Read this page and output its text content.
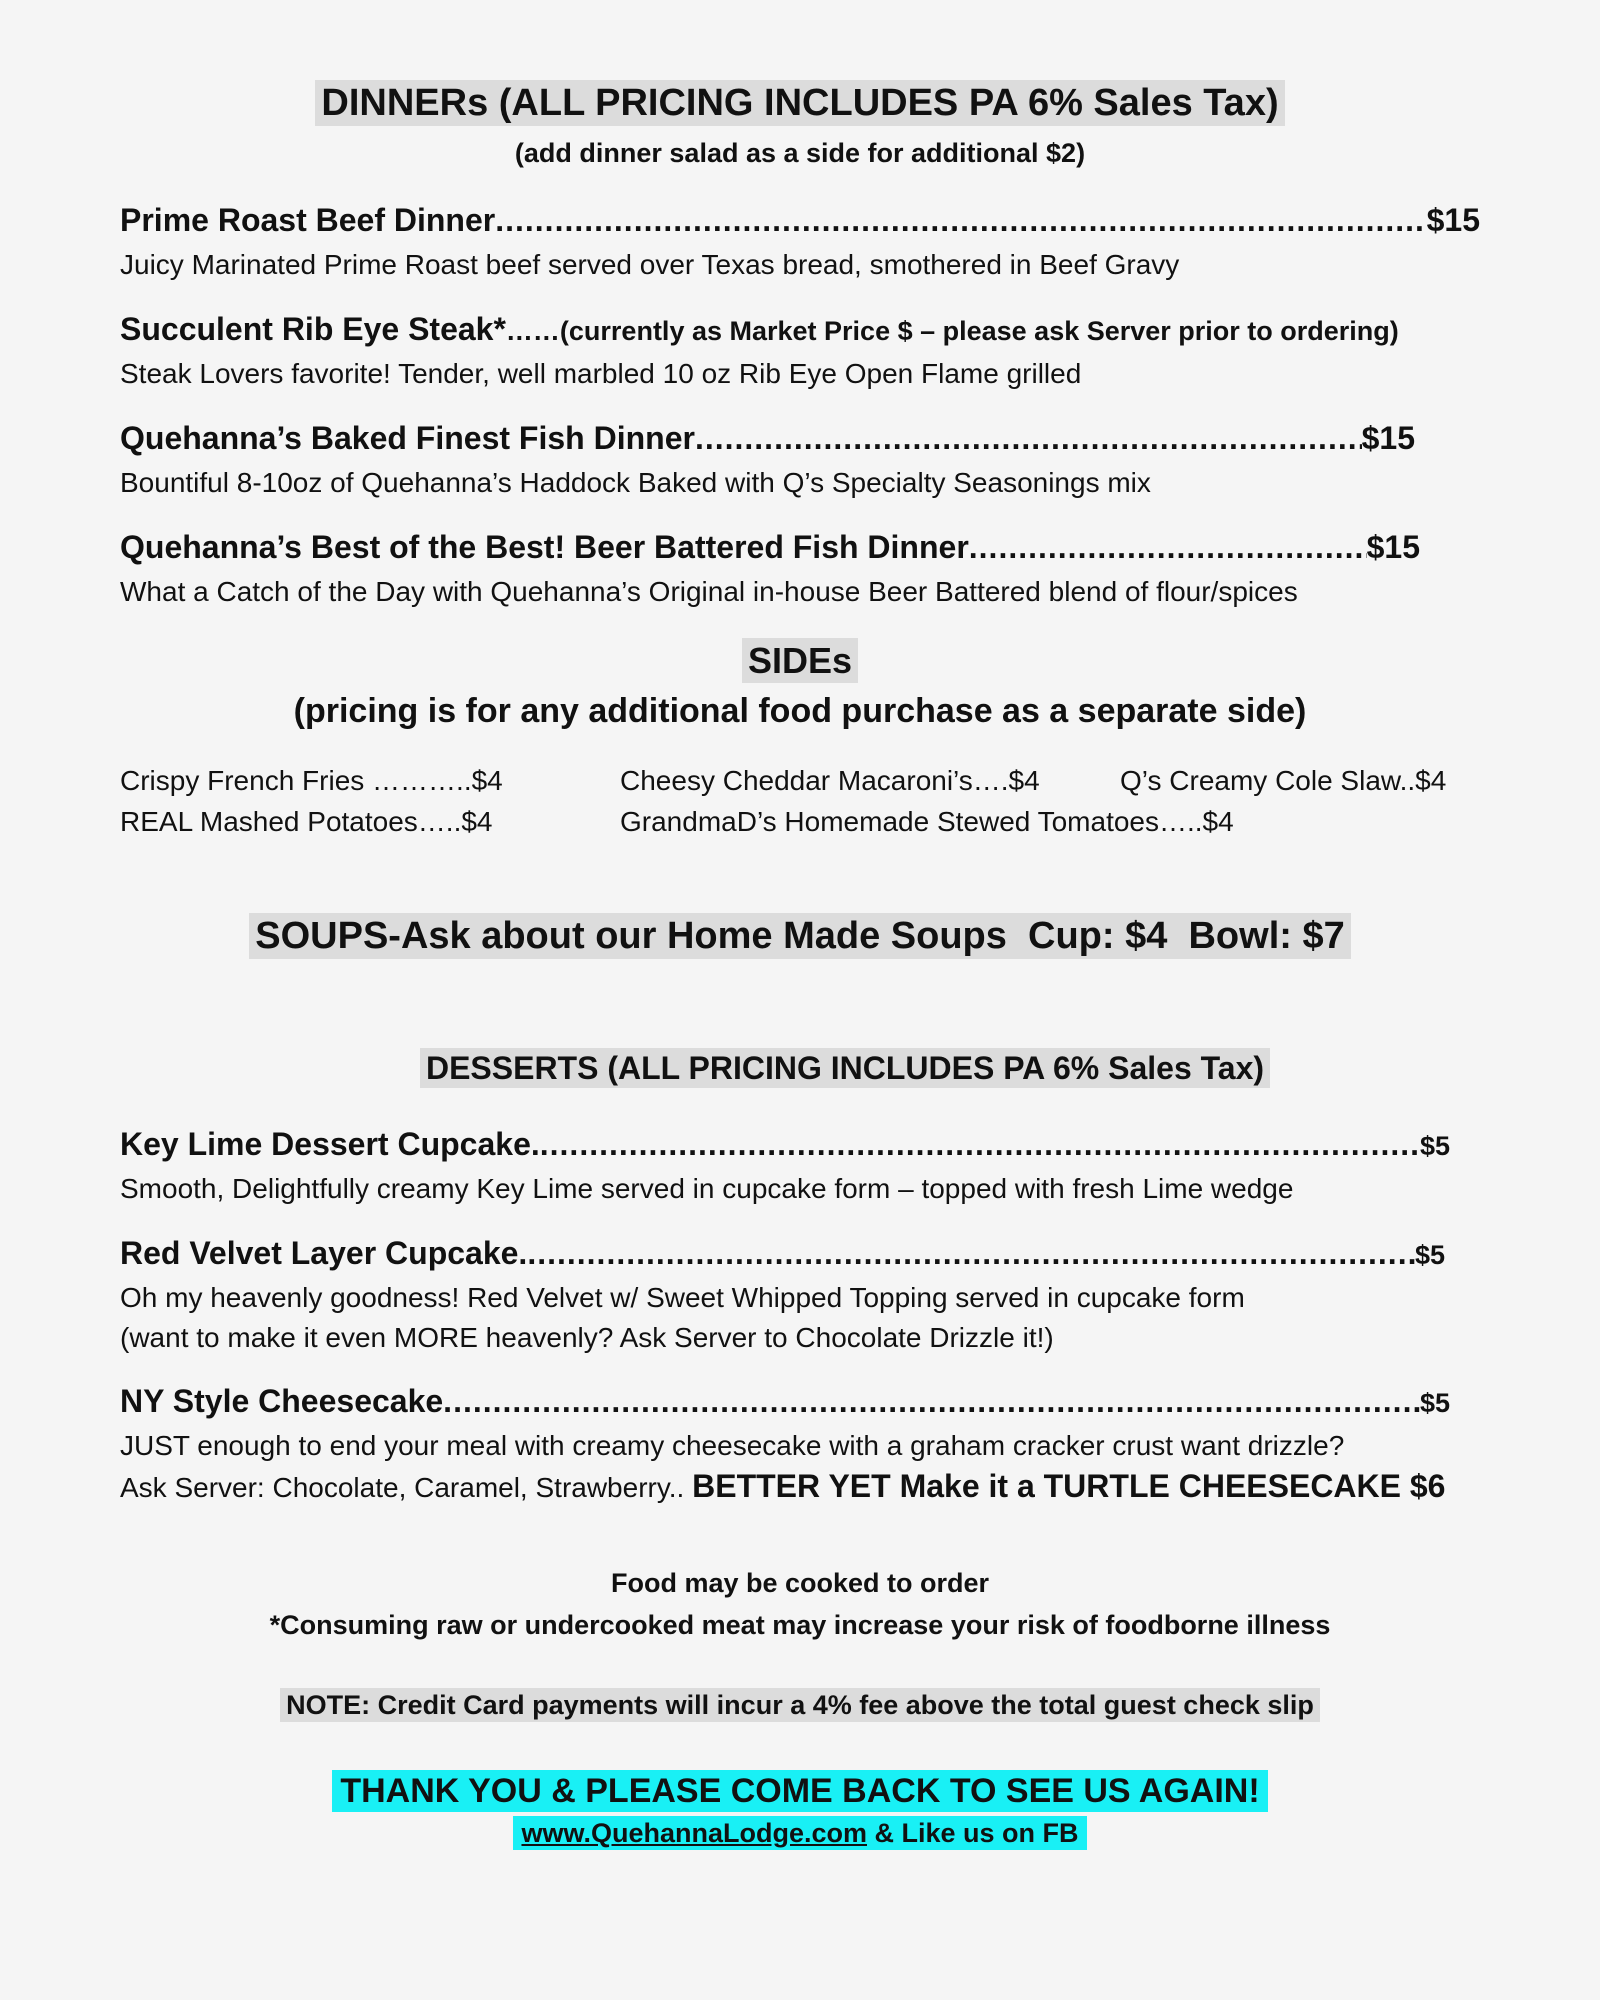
DINNERs (ALL PRICING INCLUDES PA 6% Sales Tax)
(add dinner salad as a side for additional $2)
Prime Roast Beef Dinner .....	$15
Juicy Marinated Prime Roast beef served over Texas bread, smothered in Beef Gravy
Succulent Rib Eye Steak* ……(currently as Market Price $ – please ask Server prior to ordering)
Steak Lovers favorite! Tender, well marbled 10 oz Rib Eye Open Flame grilled
Quehanna’s Baked Finest Fish Dinner .....	$15
Bountiful 8-10oz of Quehanna’s Haddock Baked with Q’s Specialty Seasonings mix
Quehanna’s Best of the Best! Beer Battered Fish Dinner .....	$15
What a Catch of the Day with Quehanna’s Original in-house Beer Battered blend of flour/spices
SIDEs
(pricing is for any additional food purchase as a separate side)
Crispy French Fries ………..$4	Cheesy Cheddar Macaroni’s….$4	Q’s Creamy Cole Slaw..$4
REAL Mashed Potatoes…..$4	GrandmaD’s Homemade Stewed Tomatoes…..$4
SOUPS-Ask about our Home Made Soups  Cup: $4  Bowl: $7
DESSERTS (ALL PRICING INCLUDES PA 6% Sales Tax)
Key Lime Dessert Cupcake. .....	$5
Smooth, Delightfully creamy Key Lime served in cupcake form – topped with fresh Lime wedge
Red Velvet Layer Cupcake. .....	$5
Oh my heavenly goodness! Red Velvet w/ Sweet Whipped Topping served in cupcake form
(want to make it even MORE heavenly? Ask Server to Chocolate Drizzle it!)
NY Style Cheesecake .....	$5
JUST enough to end your meal with creamy cheesecake with a graham cracker crust want drizzle?
Ask Server: Chocolate, Caramel, Strawberry.. BETTER YET Make it a TURTLE CHEESECAKE $6
Food may be cooked to order
*Consuming raw or undercooked meat may increase your risk of foodborne illness
NOTE: Credit Card payments will incur a 4% fee above the total guest check slip
THANK YOU & PLEASE COME BACK TO SEE US AGAIN!
www.QuehannaLodge.com & Like us on FB
